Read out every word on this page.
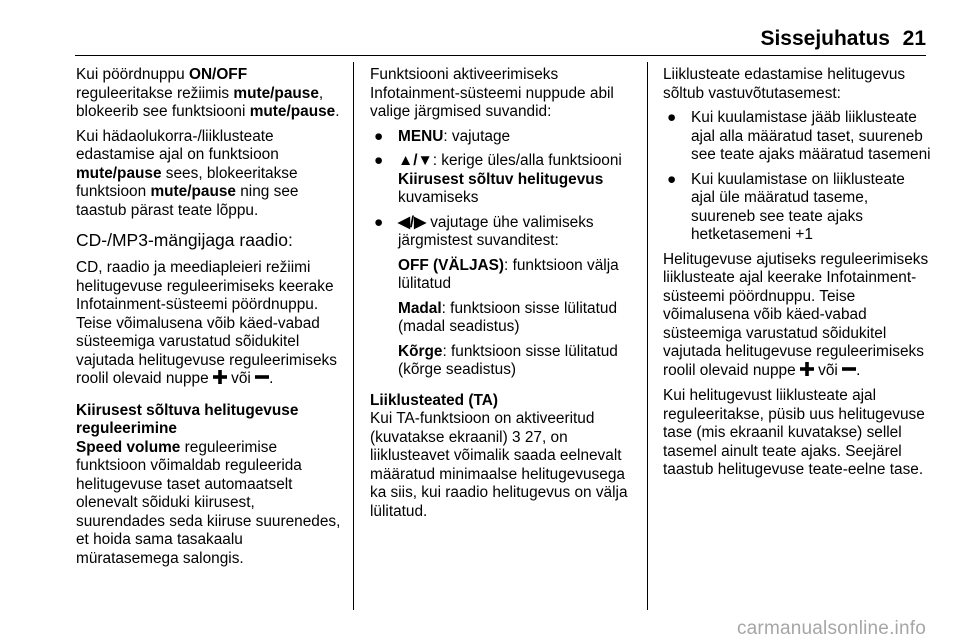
Sissejuhatus 21

Kui pöördnuppu ON/OFF reguleeritakse režiimis mute/pause, blokeerib see funktsiooni mute/pause.

Kui hädaolukorra-/liiklusteate edastamise ajal on funktsioon mute/pause sees, blokeeritakse funktsioon mute/pause ning see taastub pärast teate lõppu.

CD-/MP3-mängijaga raadio:

CD, raadio ja meediapleieri režiimi helitugevuse reguleerimiseks keerake Infotainment-süsteemi pöördnuppu. Teise võimalusena võib käed-vabad süsteemiga varustatud sõidukitel vajutada helitugevuse reguleerimiseks roolil olevaid nuppe  või .

Kiirusest sõltuva helitugevuse reguleerimine

Speed volume reguleerimise funktsioon võimaldab reguleerida helitugevuse taset automaatselt olenevalt sõiduki kiirusest, suurendades seda kiiruse suurenedes, et hoida sama tasakaalu müratasemega salongis.

Funktsiooni aktiveerimiseks Infotainment-süsteemi nuppude abil valige järgmised suvandid:

● MENU: vajutage
● ▲/▼: kerige üles/alla funktsiooni Kiirusest sõltuv helitugevus kuvamiseks
● ◀/▶ vajutage ühe valimiseks järgmistest suvanditest:

OFF (VÄLJAS): funktsioon välja lülitatud

Madal: funktsioon sisse lülitatud (madal seadistus)

Kõrge: funktsioon sisse lülitatud (kõrge seadistus)

Liiklusteated (TA)

Kui TA-funktsioon on aktiveeritud (kuvatakse ekraanil) 3 27, on liiklusteavet võimalik saada eelnevalt määratud minimaalse helitugevusega ka siis, kui raadio helitugevus on välja lülitatud.

Liiklusteate edastamise helitugevus sõltub vastuvõtutasemest:

● Kui kuulamistase jääb liiklusteate ajal alla määratud taset, suureneb see teate ajaks määratud tasemeni
● Kui kuulamistase on liiklusteate ajal üle määratud taseme, suureneb see teate ajaks hetketasemeni +1

Helitugevuse ajutiseks reguleerimiseks liiklusteate ajal keerake Infotainment-süsteemi pöördnuppu. Teise võimalusena võib käed-vabad süsteemiga varustatud sõidukitel vajutada helitugevuse reguleerimiseks roolil olevaid nuppe  või .

Kui helitugevust liiklusteate ajal reguleeritakse, püsib uus helitugevuse tase (mis ekraanil kuvatakse) sellel tasemel ainult teate ajaks. Seejärel taastub helitugevuse teate-eelne tase.

carmanualsonline.info
